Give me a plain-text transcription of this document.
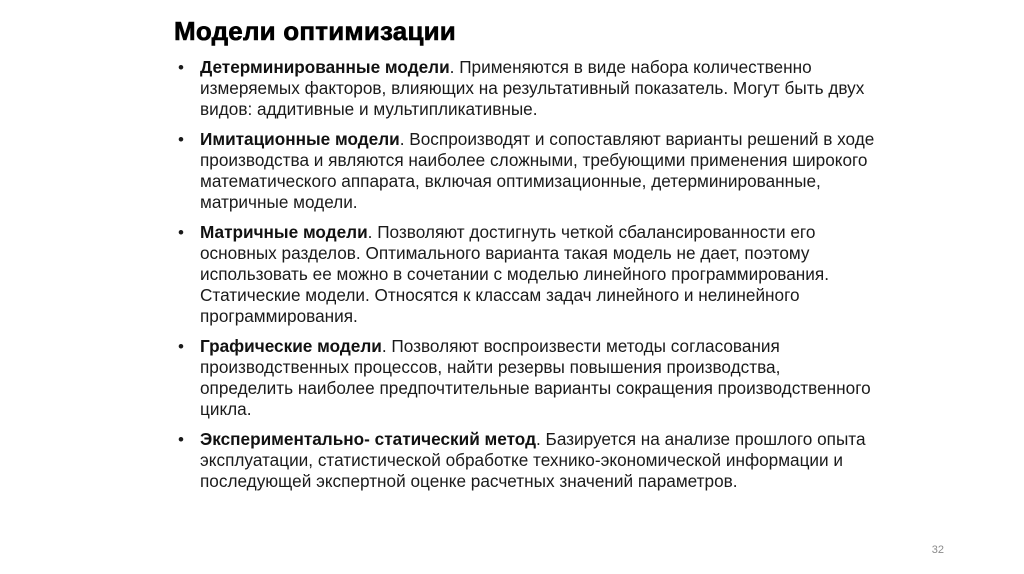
Модели оптимизации
• Детерминированные модели. Применяются в виде набора количественно измеряемых факторов, влияющих на результативный показатель. Могут быть двух видов: аддитивные и мультипликативные.
• Имитационные модели. Воспроизводят и сопоставляют варианты решений в ходе производства и являются наиболее сложными, требующими применения широкого математического аппарата, включая оптимизационные, детерминированные, матричные модели.
• Матричные модели. Позволяют достигнуть четкой сбалансированности его основных разделов. Оптимального варианта такая модель не дает, поэтому использовать ее можно в сочетании с моделью линейного программирования. Статические модели. Относятся к классам задач линейного и нелинейного программирования.
• Графические модели. Позволяют воспроизвести методы согласования производственных процессов, найти резервы повышения производства, определить наиболее предпочтительные варианты сокращения производственного цикла.
• Экспериментально- статический метод. Базируется на анализе прошлого опыта эксплуатации, статистической обработке технико-экономической информации и последующей экспертной оценке расчетных значений параметров.
32
